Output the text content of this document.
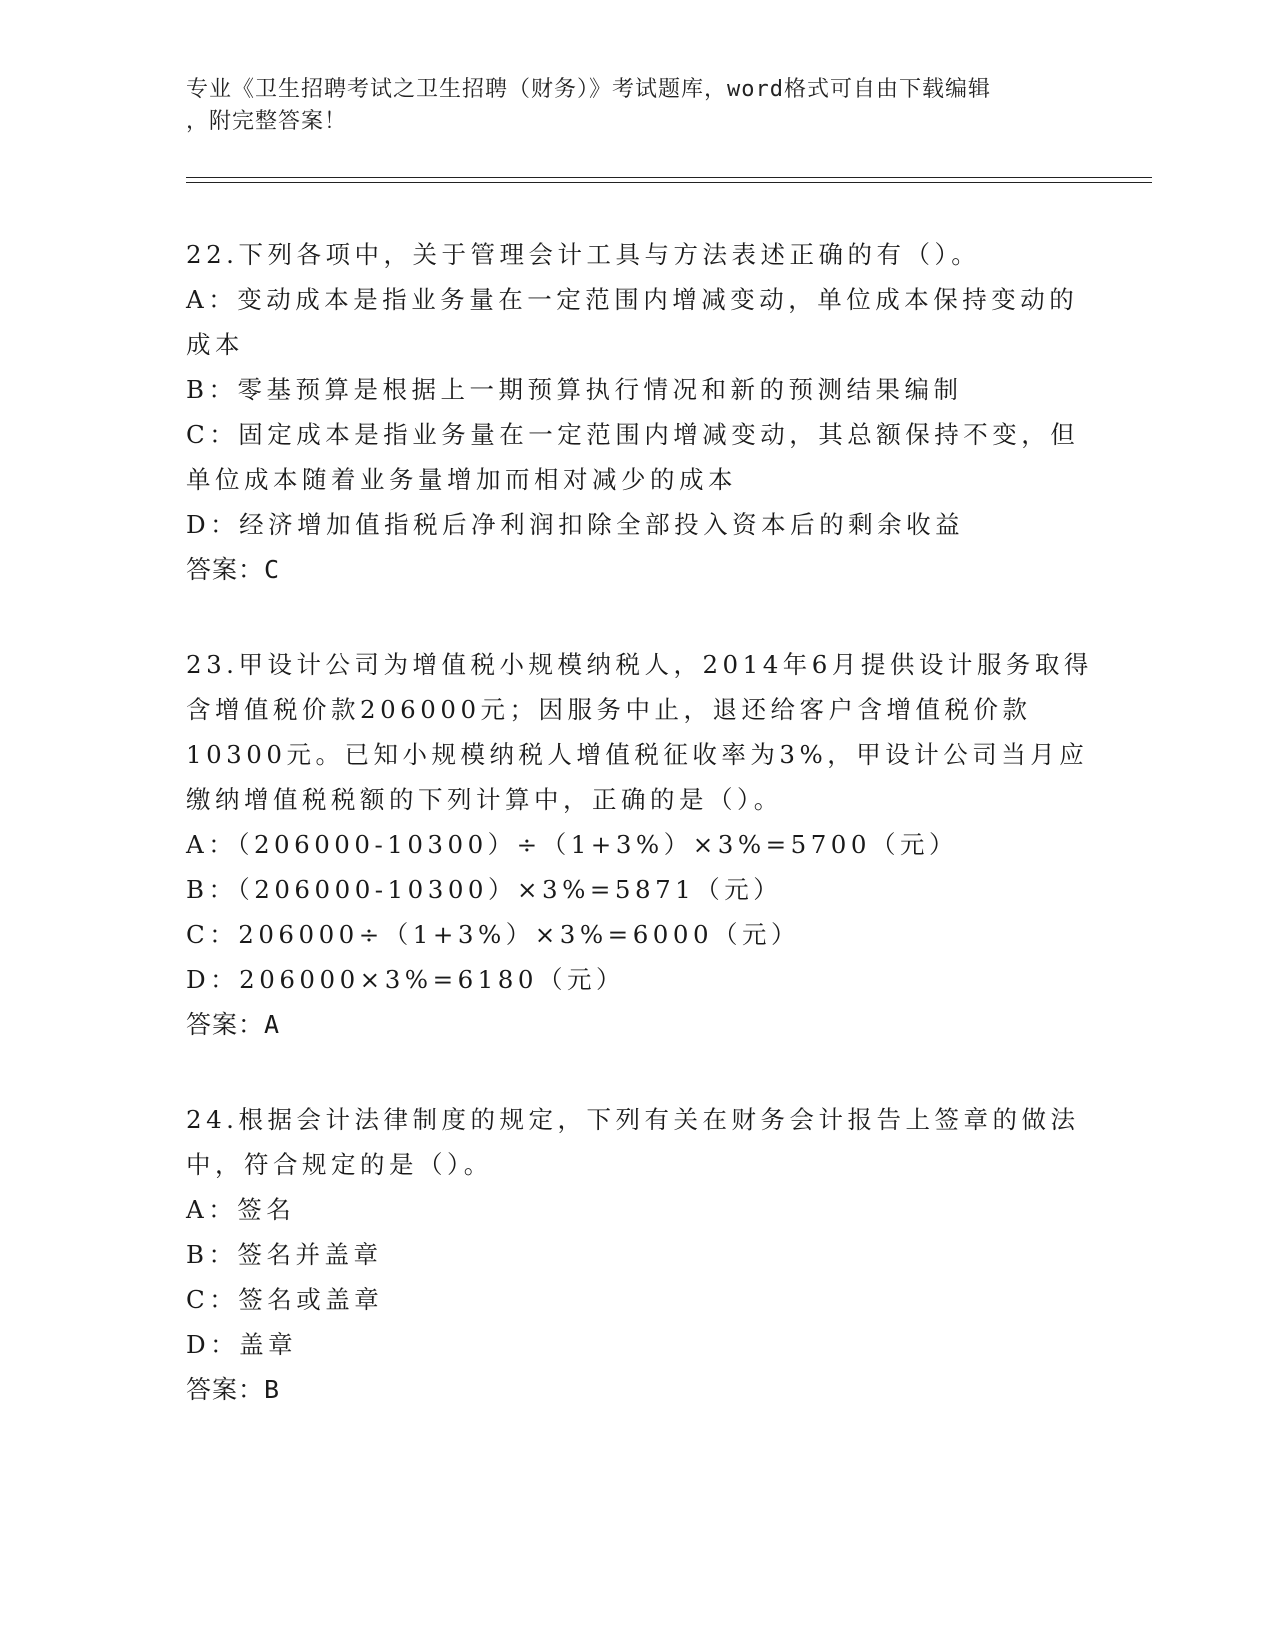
专业《卫生招聘考试之卫生招聘（财务）》考试题库，word格式可自由下载编辑
，附完整答案！
22.下列各项中，关于管理会计工具与方法表述正确的有（）。
A：变动成本是指业务量在一定范围内增减变动，单位成本保持变动的
成本
B：零基预算是根据上一期预算执行情况和新的预测结果编制
C：固定成本是指业务量在一定范围内增减变动，其总额保持不变，但
单位成本随着业务量增加而相对减少的成本
D：经济增加值指税后净利润扣除全部投入资本后的剩余收益
答案：C
23.甲设计公司为增值税小规模纳税人，2014年6月提供设计服务取得
含增值税价款206000元；因服务中止，退还给客户含增值税价款
10300元。已知小规模纳税人增值税征收率为3%，甲设计公司当月应
缴纳增值税税额的下列计算中，正确的是（）。
A：（206000-10300）÷（1+3%）×3%=5700（元）
B：（206000-10300）×3%=5871（元）
C：206000÷（1+3%）×3%=6000（元）
D：206000×3%=6180（元）
答案：A
24.根据会计法律制度的规定，下列有关在财务会计报告上签章的做法
中，符合规定的是（）。
A：签名
B：签名并盖章
C：签名或盖章
D：盖章
答案：B
